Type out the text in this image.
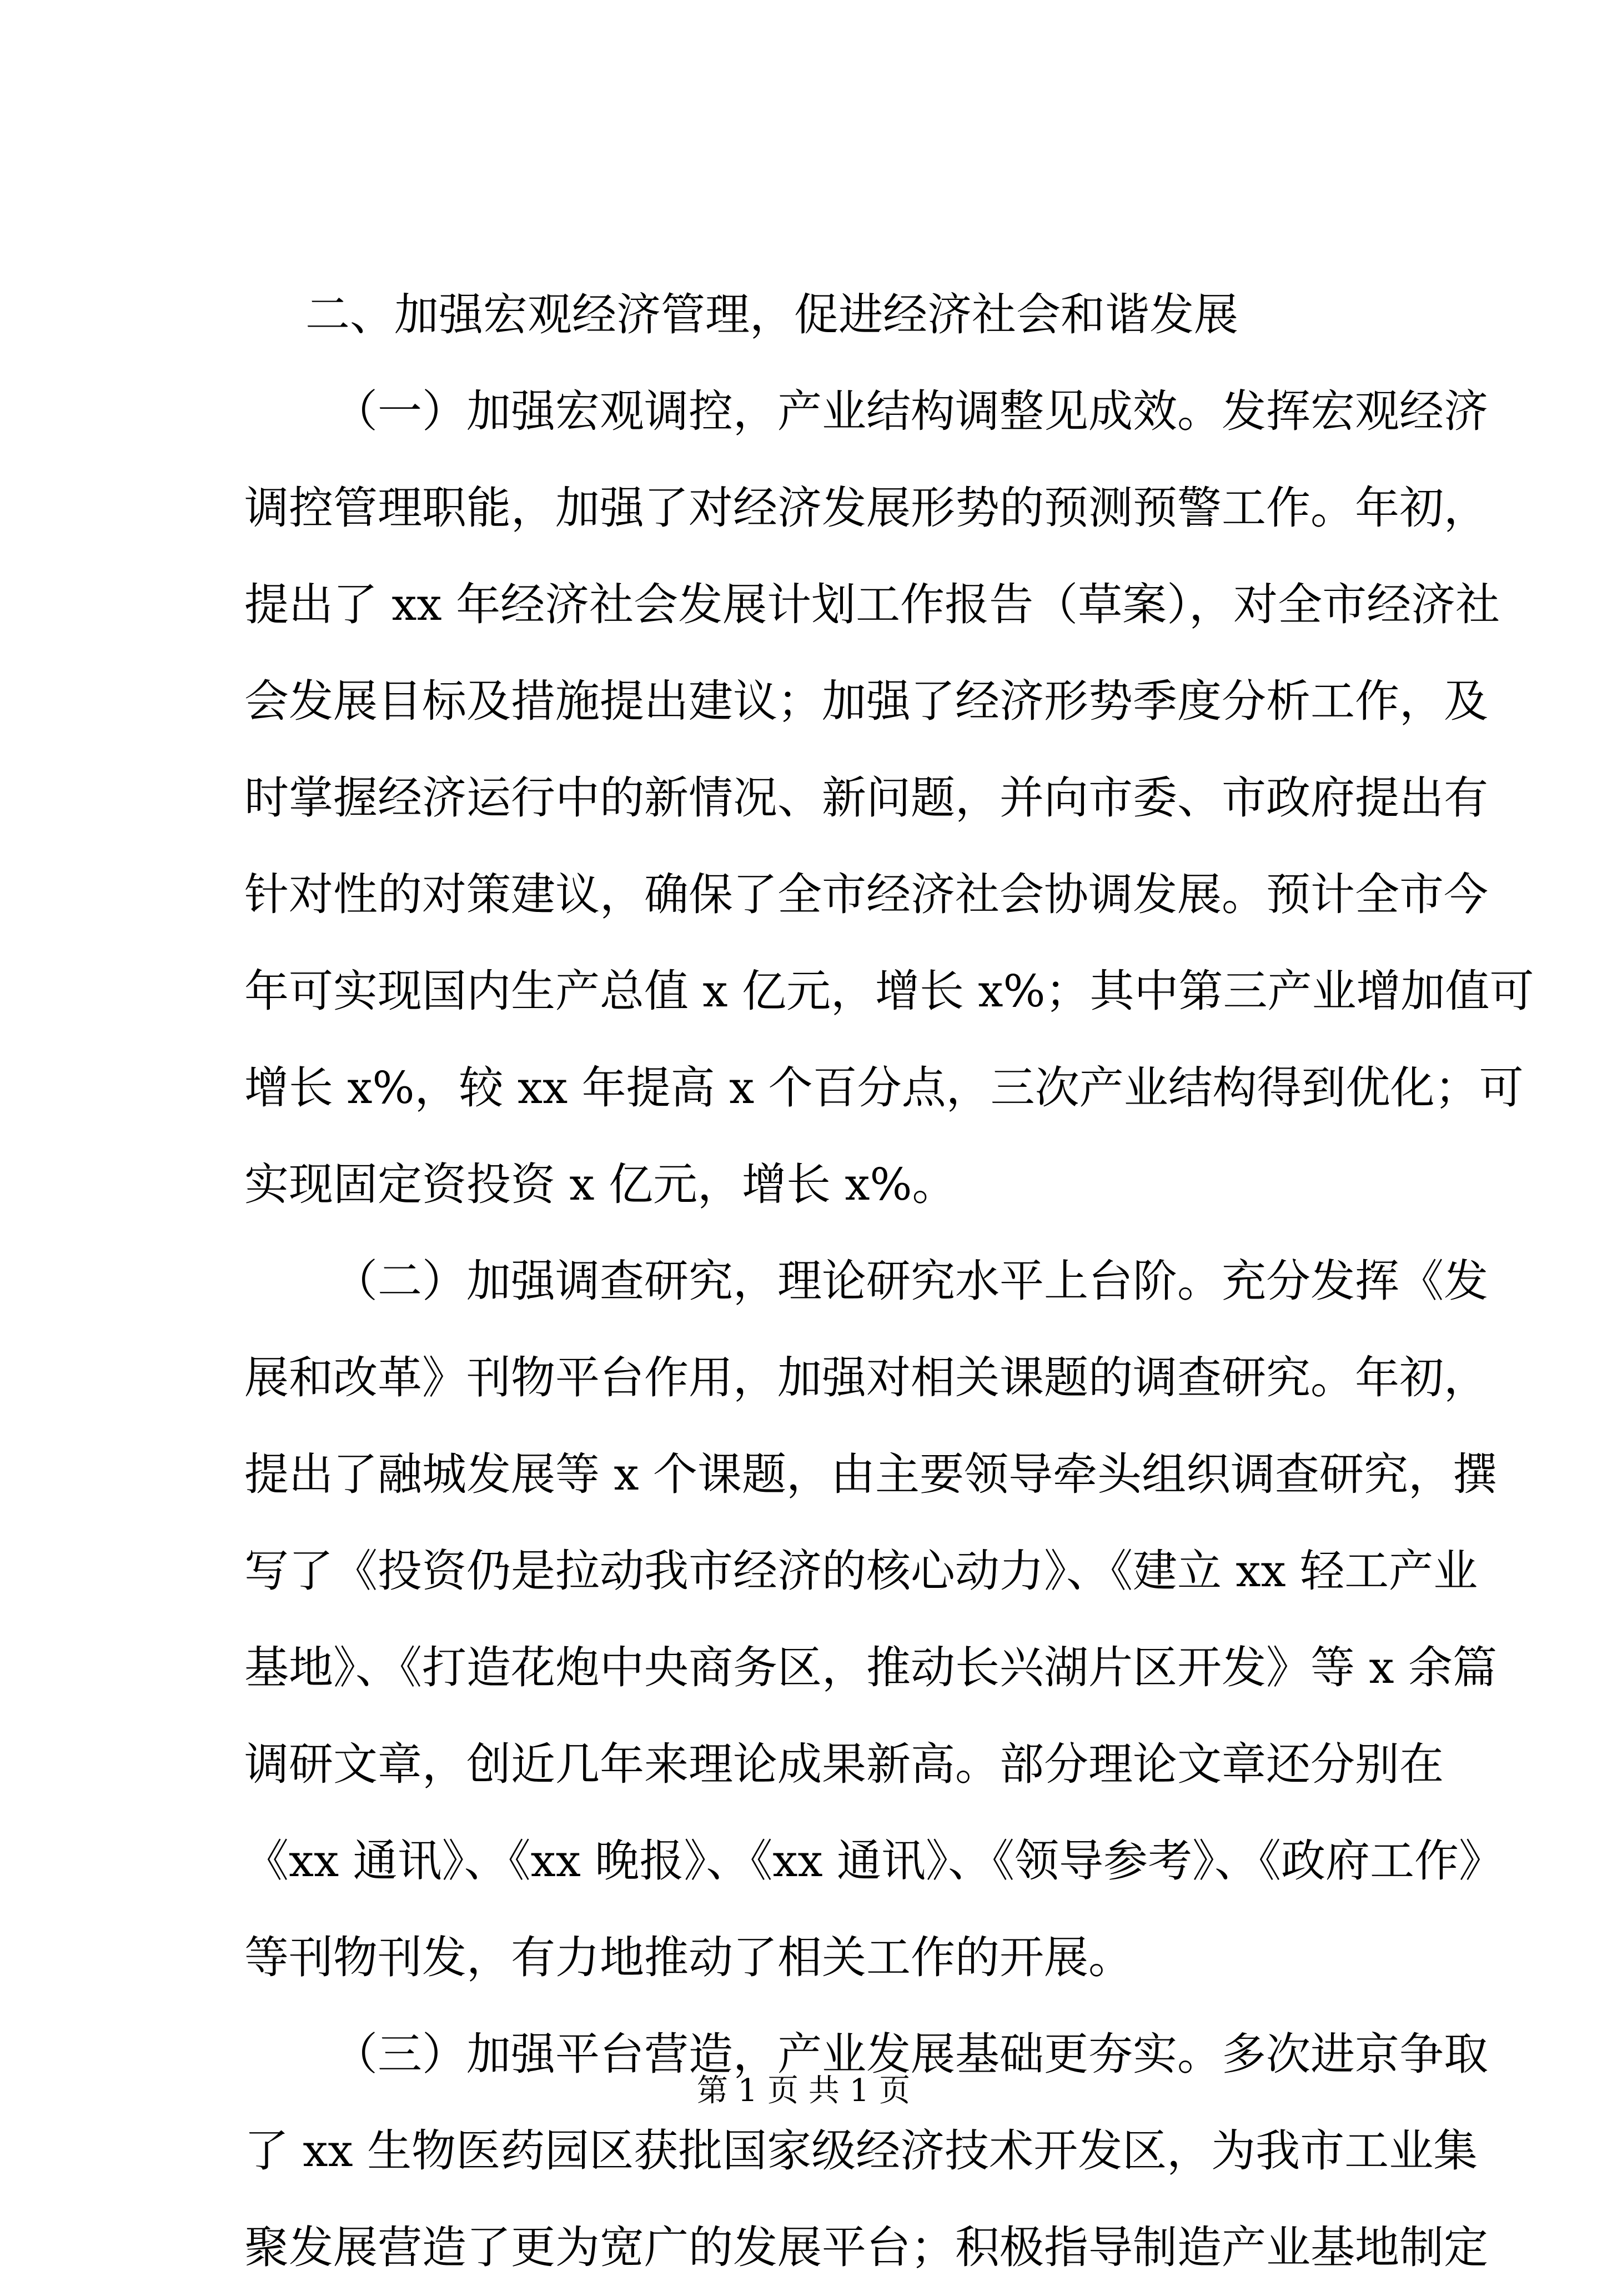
二、加强宏观经济管理，促进经济社会和谐发展
（一）加强宏观调控，产业结构调整见成效。发挥宏观经济
调控管理职能，加强了对经济发展形势的预测预警工作。年初，
提出了 xx 年经济社会发展计划工作报告（草案），对全市经济社
会发展目标及措施提出建议；加强了经济形势季度分析工作，及
时掌握经济运行中的新情况、新问题，并向市委、市政府提出有
针对性的对策建议，确保了全市经济社会协调发展。预计全市今
年可实现国内生产总值 x 亿元，增长 x%；其中第三产业增加值可
增长 x%，较 xx 年提高 x 个百分点，三次产业结构得到优化；可
实现固定资投资 x 亿元，增长 x%。
（二）加强调查研究，理论研究水平上台阶。充分发挥《发
展和改革》刊物平台作用，加强对相关课题的调查研究。年初，
提出了融城发展等 x 个课题，由主要领导牵头组织调查研究，撰
写了《投资仍是拉动我市经济的核心动力》、《建立 xx 轻工产业
基地》、《打造花炮中央商务区，推动长兴湖片区开发》等 x 余篇
调研文章，创近几年来理论成果新高。部分理论文章还分别在
《xx 通讯》、《xx 晚报》、《xx 通讯》、《领导参考》、《政府工作》
等刊物刊发，有力地推动了相关工作的开展。
（三）加强平台营造，产业发展基础更夯实。多次进京争取
了 xx 生物医药园区获批国家级经济技术开发区，为我市工业集
聚发展营造了更为宽广的发展平台；积极指导制造产业基地制定
第 1 页 共 1 页
